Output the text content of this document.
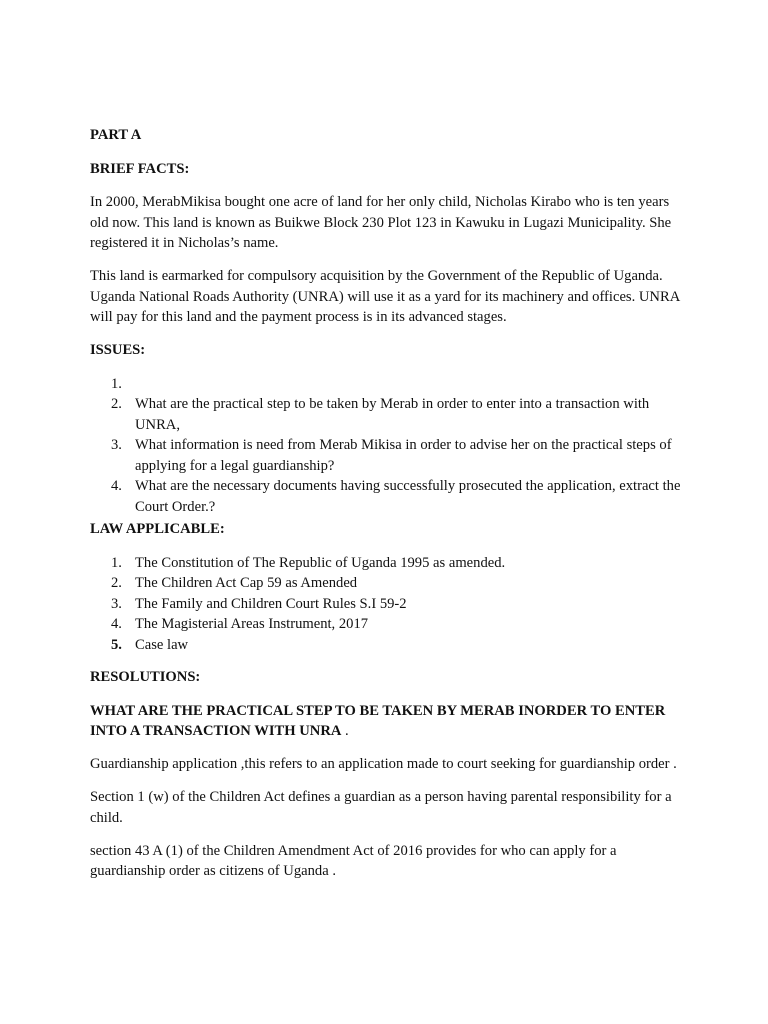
PART A
BRIEF FACTS:

In 2000, MerabMikisa bought one acre of land for her only child, Nicholas Kirabo who is ten years old now. This land is known as Buikwe Block 230 Plot 123 in Kawuku in Lugazi Municipality. She registered it in Nicholas’s name.

This land is earmarked for compulsory acquisition by the Government of the Republic of Uganda. Uganda National Roads Authority (UNRA) will use it as a yard for its machinery and offices. UNRA will pay for this land and the payment process is in its advanced stages.

ISSUES:
1.
2. What are the practical step to be taken by Merab in order to enter into a transaction with UNRA,
3. What information is need from Merab Mikisa in order to advise her on the practical steps of applying for a legal guardianship?
4. What are the necessary documents having successfully prosecuted the application, extract the Court Order.?
LAW APPLICABLE:
1. The Constitution of The Republic of Uganda 1995 as amended.
2. The Children Act Cap 59 as Amended
3. The Family and Children Court Rules S.I 59-2
4. The Magisterial Areas Instrument, 2017
5. Case law
RESOLUTIONS:

WHAT ARE THE PRACTICAL STEP TO BE TAKEN BY MERAB INORDER TO ENTER INTO A TRANSACTION WITH UNRA .

Guardianship application ,this refers to an application made to court seeking for guardianship order .

Section 1 (w) of the Children Act defines a guardian as a person having parental responsibility for a child.

section 43 A (1) of the Children Amendment Act of 2016 provides for who can apply for a guardianship order as citizens of Uganda .
